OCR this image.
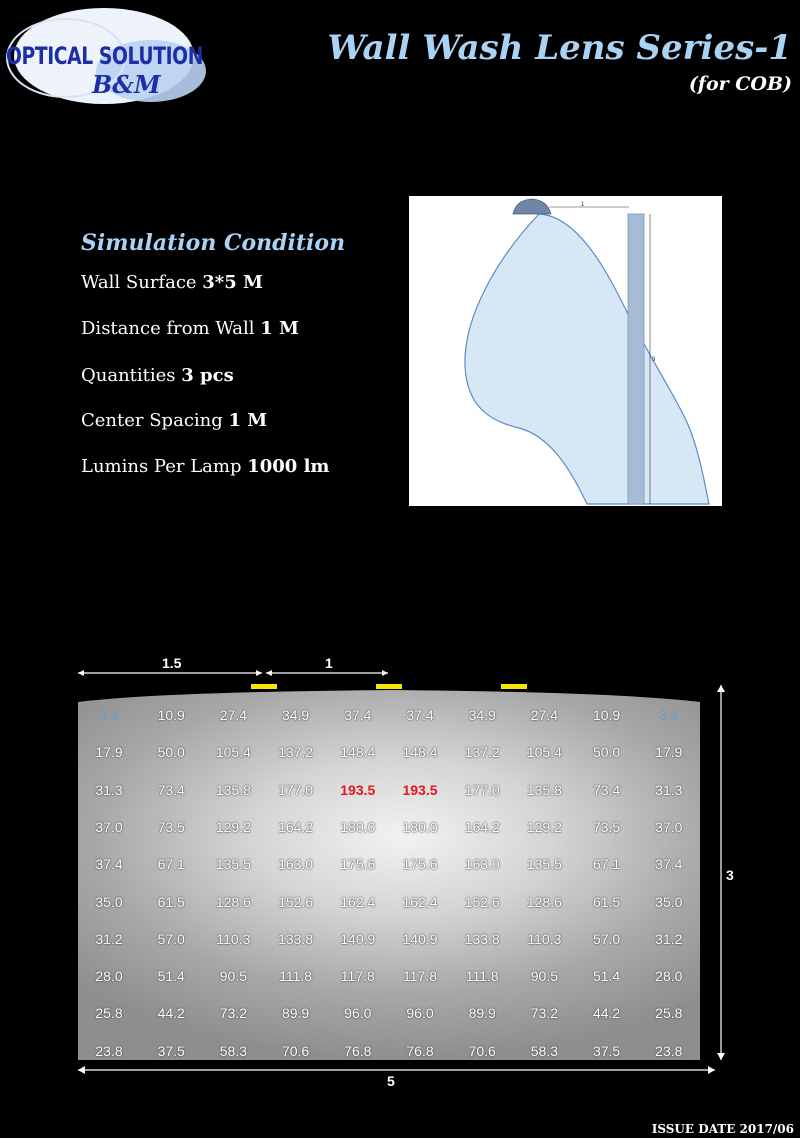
OPTICAL SOLUTION
B&M
Wall Wash Lens Series-1
(for COB)
Simulation Condition
Wall Surface 3*5 M
Distance from Wall 1 M
Quantities 3 pcs
Center Spacing 1 M
Lumins Per Lamp 1000 lm
1
3
1.5	1
5
3
3.4	10.9	27.4	34.9	37.4	37.4	34.9	27.4	10.9	3.4
17.9	50.0	105.4	137.2	148.4	148.4	137.2	105.4	50.0	17.9
31.3	73.4	135.8	177.0	193.5	193.5	177.0	135.8	73.4	31.3
37.0	73.5	129.2	164.2	180.0	180.0	164.2	129.2	73.5	37.0
37.4	67.1	135.5	163.0	175.6	175.6	163.0	135.5	67.1	37.4
35.0	61.5	128.6	152.6	162.4	162.4	152.6	128.6	61.5	35.0
31.2	57.0	110.3	133.8	140.9	140.9	133.8	110.3	57.0	31.2
28.0	51.4	90.5	111.8	117.8	117.8	111.8	90.5	51.4	28.0
25.8	44.2	73.2	89.9	96.0	96.0	89.9	73.2	44.2	25.8
23.8	37.5	58.3	70.6	76.8	76.8	70.6	58.3	37.5	23.8
ISSUE DATE 2017/06
